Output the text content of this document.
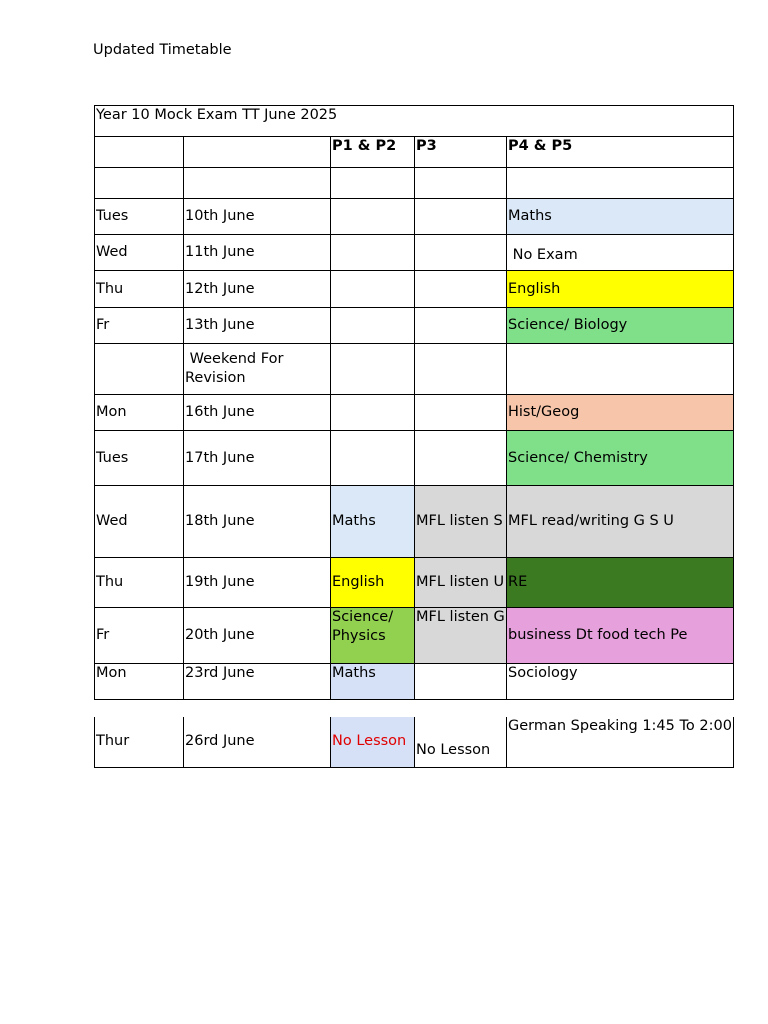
Updated Timetable
Year 10 Mock Exam TT June 2025				
		P1 & P2	P3	P4 & P5

Tues	10th June			Maths
Wed	11th June			No Exam
Thu	12th June			English
Fr	13th June			Science/ Biology
	Weekend For Revision			
Mon	16th June			Hist/Geog
Tues	17th June			Science/ Chemistry
Wed	18th June	Maths	MFL listen S	MFL read/writing G S U
Thu	19th June	English	MFL listen U	RE
Fr	20th June	Science/ Physics	MFL listen G	business Dt food tech Pe
Mon	23rd June	Maths		Sociology
Thur	26rd June	No Lesson	No Lesson	German Speaking 1:45 To 2:00
